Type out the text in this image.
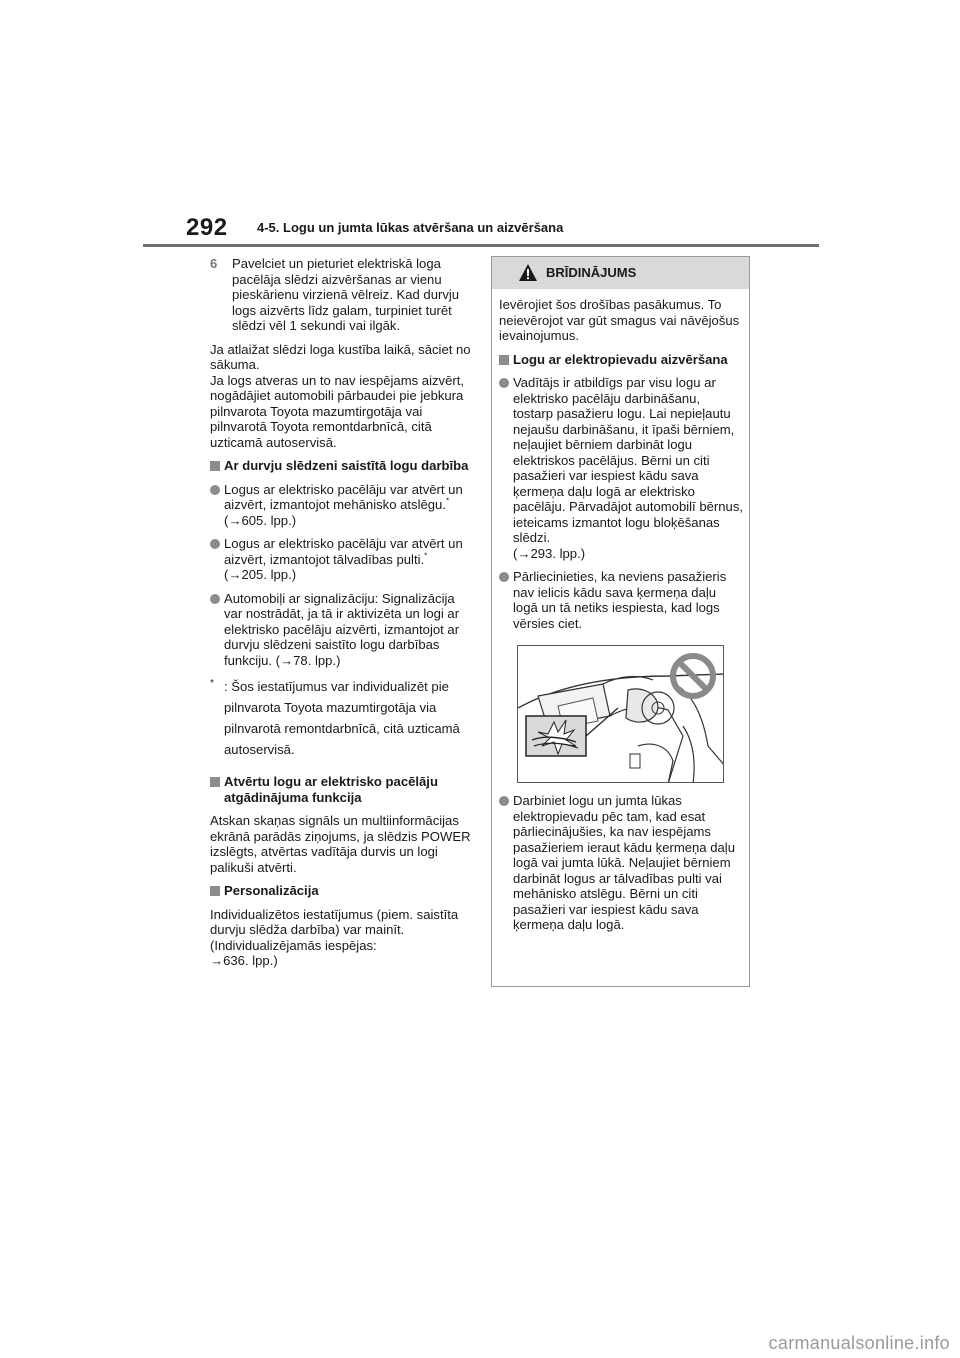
292 4-5. Logu un jumta lūkas atvēršana un aizvēršana

6 Pavelciet un pieturiet elektriskā loga pacēlāja slēdzi aizvēršanas ar vienu pieskārienu virzienā vēlreiz. Kad durvju logs aizvērts līdz galam, turpiniet turēt slēdzi vēl 1 sekundi vai ilgāk.

Ja atlaižat slēdzi loga kustība laikā, sāciet no sākuma.

Ja logs atveras un to nav iespējams aizvērt, nogādājiet automobili pārbaudei pie jebkura pilnvarota Toyota mazumtirgotāja vai pilnvarotā Toyota remontdarbnīcā, citā uzticamā autoservisā.

Ar durvju slēdzeni saistītā logu darbība
Logus ar elektrisko pacēlāju var atvērt un aizvērt, izmantojot mehānisko atslēgu.* (→605. lpp.)
Logus ar elektrisko pacēlāju var atvērt un aizvērt, izmantojot tālvadības pulti.*
(→205. lpp.)
Automobiļi ar signalizāciju: Signalizācija var nostrādāt, ja tā ir aktivizēta un logi ar elektrisko pacēlāju aizvērti, izmantojot ar durvju slēdzeni saistīto logu darbības funkciju. (→78. lpp.)
* : Šos iestatījumus var individualizēt pie pilnvarota Toyota mazumtirgotāja via pilnvarotā remontdarbnīcā, citā uzticamā autoservisā.
Atvērtu logu ar elektrisko pacēlāju atgādinājuma funkcija

Atskan skaņas signāls un multiinformācijas ekrānā parādās ziņojums, ja slēdzis POWER izslēgts, atvērtas vadītāja durvis un logi palikuši atvērti.

Personalizācija

Individualizētos iestatījumus (piem. saistīta durvju slēdža darbība) var mainīt. (Individualizējamās iespējas:
→636. lpp.)

BRĪDINĀJUMS

Ievērojiet šos drošības pasākumus. To neievērojot var gūt smagus vai nāvējošus ievainojumus.

Logu ar elektropievadu aizvēršana
Vadītājs ir atbildīgs par visu logu ar elektrisko pacēlāju darbināšanu, tostarp pasažieru logu. Lai nepieļautu nejaušu darbināšanu, it īpaši bērniem, neļaujiet bērniem darbināt logu elektriskos pacēlājus. Bērni un citi pasažieri var iespiest kādu sava ķermeņa daļu logā ar elektrisko pacēlāju. Pārvadājot automobilī bērnus, ieteicams izmantot logu bloķēšanas slēdzi.
(→293. lpp.)
Pārliecinieties, ka neviens pasažieris nav ielicis kādu sava ķermeņa daļu logā un tā netiks iespiesta, kad logs vērsies ciet.
Darbiniet logu un jumta lūkas elektropievadu pēc tam, kad esat pārliecinājušies, ka nav iespējams pasažieriem ieraut kādu ķermeņa daļu logā vai jumta lūkā. Neļaujiet bērniem darbināt logus ar tālvadības pulti vai mehānisko atslēgu. Bērni un citi pasažieri var iespiest kādu sava ķermeņa daļu logā.
carmanualsonline.info
